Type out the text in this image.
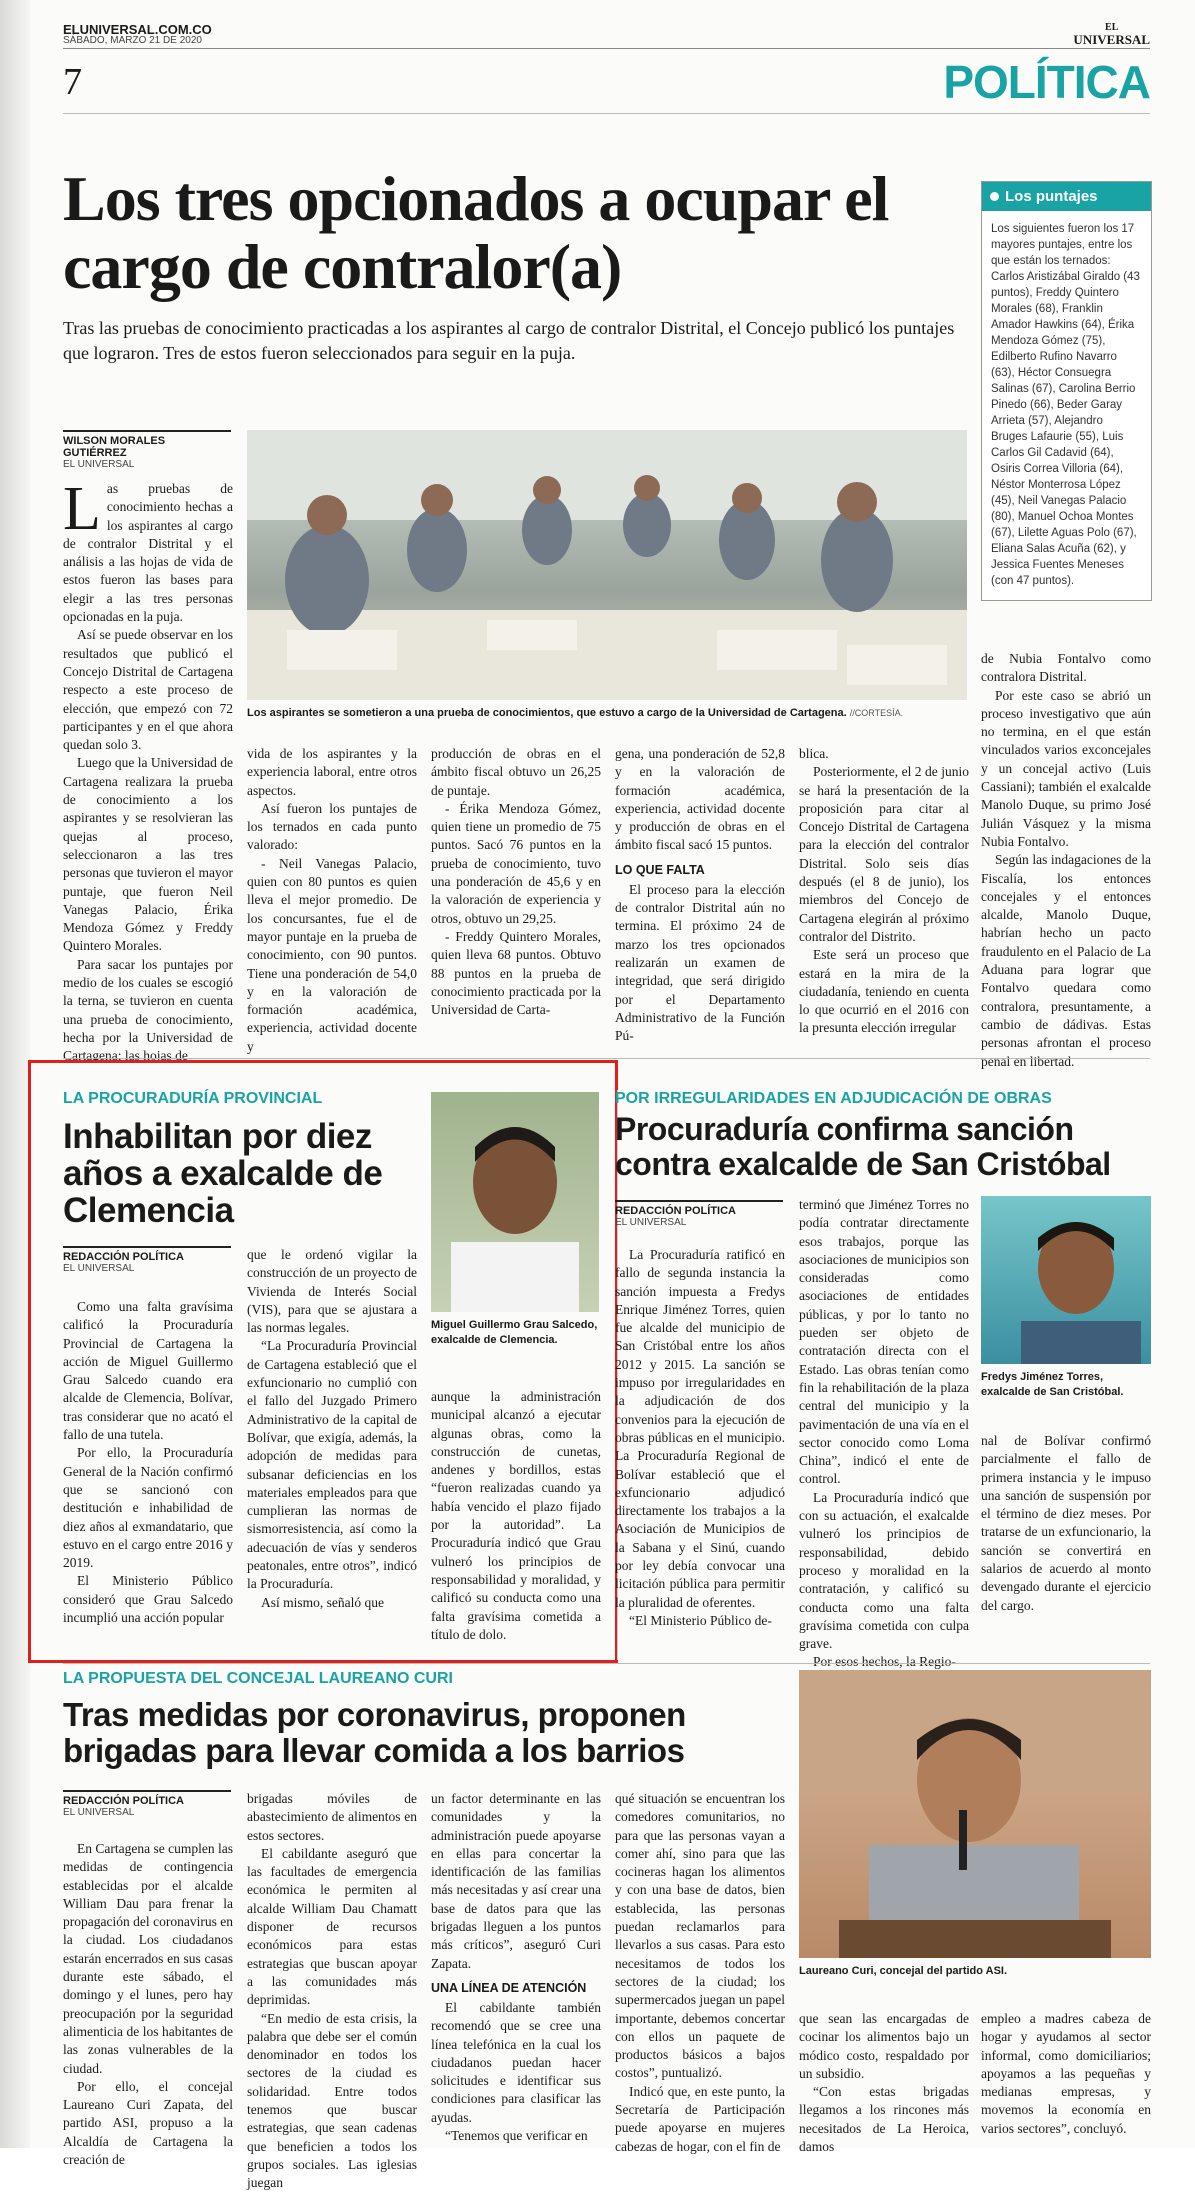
ELUNIVERSAL.COM.CO
SÁBADO, MARZO 21 DE 2020
EL
UNIVERSAL
7	POLÍTICA
Los tres opcionados a ocupar el cargo de contralor(a)
Tras las pruebas de conocimiento practicadas a los aspirantes al cargo de contralor Distrital, el Concejo publicó los puntajes que lograron. Tres de estos fueron seleccionados para seguir en la puja.
Los puntajes
Los siguientes fueron los 17 mayores puntajes, entre los que están los ternados: Carlos Aristizábal Giraldo (43 puntos), Freddy Quintero Morales (68), Franklin Amador Hawkins (64), Érika Mendoza Gómez (75), Edilberto Rufino Navarro (63), Héctor Consuegra Salinas (67), Carolina Berrio Pinedo (66), Beder Garay Arrieta (57), Alejandro Bruges Lafaurie (55), Luis Carlos Gil Cadavid (64), Osiris Correa Villoria (64), Néstor Monterrosa López (45), Neil Vanegas Palacio (80), Manuel Ochoa Montes (67), Lilette Aguas Polo (67), Eliana Salas Acuña (62), y Jessica Fuentes Meneses (con 47 puntos).
WILSON MORALES GUTIÉRREZ
EL UNIVERSAL
Los aspirantes se sometieron a una prueba de conocimientos, que estuvo a cargo de la Universidad de Cartagena. //CORTESÍA.

Las pruebas de conocimiento hechas a los aspirantes al cargo de contralor Distrital y el análisis a las hojas de vida de estos fueron las bases para elegir a las tres personas opcionadas en la puja.

Así se puede observar en los resultados que publicó el Concejo Distrital de Cartagena respecto a este proceso de elección, que empezó con 72 participantes y en el que ahora quedan solo 3.

Luego que la Universidad de Cartagena realizara la prueba de conocimiento a los aspirantes y se resolvieran las quejas al proceso, seleccionaron a las tres personas que tuvieron el mayor puntaje, que fueron Neil Vanegas Palacio, Érika Mendoza Gómez y Freddy Quintero Morales.

Para sacar los puntajes por medio de los cuales se escogió la terna, se tuvieron en cuenta una prueba de conocimiento, hecha por la Universidad de Cartagena; las hojas de

vida de los aspirantes y la experiencia laboral, entre otros aspectos.

Así fueron los puntajes de los ternados en cada punto valorado:

- Neil Vanegas Palacio, quien con 80 puntos es quien lleva el mejor promedio. De los concursantes, fue el de mayor puntaje en la prueba de conocimiento, con 90 puntos. Tiene una ponderación de 54,0 y en la valoración de formación académica, experiencia, actividad docente y

producción de obras en el ámbito fiscal obtuvo un 26,25 de puntaje.

- Érika Mendoza Gómez, quien tiene un promedio de 75 puntos. Sacó 76 puntos en la prueba de conocimiento, tuvo una ponderación de 45,6 y en la valoración de experiencia y otros, obtuvo un 29,25.

- Freddy Quintero Morales, quien lleva 68 puntos. Obtuvo 88 puntos en la prueba de conocimiento practicada por la Universidad de Carta-

gena, una ponderación de 52,8 y en la valoración de formación académica, experiencia, actividad docente y producción de obras en el ámbito fiscal sacó 15 puntos.

LO QUE FALTA

El proceso para la elección de contralor Distrital aún no termina. El próximo 24 de marzo los tres opcionados realizarán un examen de integridad, que será dirigido por el Departamento Administrativo de la Función Pú-

blica.

Posteriormente, el 2 de junio se hará la presentación de la proposición para citar al Concejo Distrital de Cartagena para la elección del contralor Distrital. Solo seis días después (el 8 de junio), los miembros del Concejo de Cartagena elegirán al próximo contralor del Distrito.

Este será un proceso que estará en la mira de la ciudadanía, teniendo en cuenta lo que ocurrió en el 2016 con la presunta elección irregular

de Nubia Fontalvo como contralora Distrital.

Por este caso se abrió un proceso investigativo que aún no termina, en el que están vinculados varios exconcejales y un concejal activo (Luis Cassiani); también el exalcalde Manolo Duque, su primo José Julián Vásquez y la misma Nubia Fontalvo.

Según las indagaciones de la Fiscalía, los entonces concejales y el entonces alcalde, Manolo Duque, habrían hecho un pacto fraudulento en el Palacio de La Aduana para lograr que Fontalvo quedara como contralora, presuntamente, a cambio de dádivas. Estas personas afrontan el proceso penal en libertad.

LA PROCURADURÍA PROVINCIAL
Inhabilitan por diez años a exalcalde de Clemencia
Miguel Guillermo Grau Salcedo, exalcalde de Clemencia.
REDACCIÓN POLÍTICA
EL UNIVERSAL

Como una falta gravísima calificó la Procuraduría Provincial de Cartagena la acción de Miguel Guillermo Grau Salcedo cuando era alcalde de Clemencia, Bolívar, tras considerar que no acató el fallo de una tutela.

Por ello, la Procuraduría General de la Nación confirmó que se sancionó con destitución e inhabilidad de diez años al exmandatario, que estuvo en el cargo entre 2016 y 2019.

El Ministerio Público consideró que Grau Salcedo incumplió una acción popular

que le ordenó vigilar la construcción de un proyecto de Vivienda de Interés Social (VIS), para que se ajustara a las normas legales.

“La Procuraduría Provincial de Cartagena estableció que el exfuncionario no cumplió con el fallo del Juzgado Primero Administrativo de la capital de Bolívar, que exigía, además, la adopción de medidas para subsanar deficiencias en los materiales empleados para que cumplieran las normas de sismorresistencia, así como la adecuación de vías y senderos peatonales, entre otros”, indicó la Procuraduría.

Así mismo, señaló que

aunque la administración municipal alcanzó a ejecutar algunas obras, como la construcción de cunetas, andenes y bordillos, estas “fueron realizadas cuando ya había vencido el plazo fijado por la autoridad”. La Procuraduría indicó que Grau vulneró los principios de responsabilidad y moralidad, y calificó su conducta como una falta gravísima cometida a título de dolo.

POR IRREGULARIDADES EN ADJUDICACIÓN DE OBRAS
Procuraduría confirma sanción contra exalcalde de San Cristóbal
REDACCIÓN POLÍTICA
EL UNIVERSAL
Fredys Jiménez Torres, exalcalde de San Cristóbal.

La Procuraduría ratificó en fallo de segunda instancia la sanción impuesta a Fredys Enrique Jiménez Torres, quien fue alcalde del municipio de San Cristóbal entre los años 2012 y 2015. La sanción se impuso por irregularidades en la adjudicación de dos convenios para la ejecución de obras públicas en el municipio. La Procuraduría Regional de Bolívar estableció que el exfuncionario adjudicó directamente los trabajos a la Asociación de Municipios de la Sabana y el Sinú, cuando por ley debía convocar una licitación pública para permitir la pluralidad de oferentes.

“El Ministerio Público de-

terminó que Jiménez Torres no podía contratar directamente esos trabajos, porque las asociaciones de municipios son consideradas como asociaciones de entidades públicas, y por lo tanto no pueden ser objeto de contratación directa con el Estado. Las obras tenían como fin la rehabilitación de la plaza central del municipio y la pavimentación de una vía en el sector conocido como Loma China”, indicó el ente de control.

La Procuraduría indicó que con su actuación, el exalcalde vulneró los principios de responsabilidad, debido proceso y moralidad en la contratación, y calificó su conducta como una falta gravísima cometida con culpa grave.

Por esos hechos, la Regio-

nal de Bolívar confirmó parcialmente el fallo de primera instancia y le impuso una sanción de suspensión por el término de diez meses. Por tratarse de un exfuncionario, la sanción se convertirá en salarios de acuerdo al monto devengado durante el ejercicio del cargo.

LA PROPUESTA DEL CONCEJAL LAUREANO CURI
Tras medidas por coronavirus, proponen brigadas para llevar comida a los barrios
Laureano Curi, concejal del partido ASI.
REDACCIÓN POLÍTICA
EL UNIVERSAL

En Cartagena se cumplen las medidas de contingencia establecidas por el alcalde William Dau para frenar la propagación del coronavirus en la ciudad. Los ciudadanos estarán encerrados en sus casas durante este sábado, el domingo y el lunes, pero hay preocupación por la seguridad alimenticia de los habitantes de las zonas vulnerables de la ciudad.

Por ello, el concejal Laureano Curi Zapata, del partido ASI, propuso a la Alcaldía de Cartagena la creación de

brigadas móviles de abastecimiento de alimentos en estos sectores.

El cabildante aseguró que las facultades de emergencia económica le permiten al alcalde William Dau Chamatt disponer de recursos económicos para estas estrategias que buscan apoyar a las comunidades más deprimidas.

“En medio de esta crisis, la palabra que debe ser el común denominador en todos los sectores de la ciudad es solidaridad. Entre todos tenemos que buscar estrategias, que sean cadenas que beneficien a todos los grupos sociales. Las iglesias juegan

un factor determinante en las comunidades y la administración puede apoyarse en ellas para concertar la identificación de las familias más necesitadas y así crear una base de datos para que las brigadas lleguen a los puntos más críticos”, aseguró Curi Zapata.

UNA LÍNEA DE ATENCIÓN

El cabildante también recomendó que se cree una línea telefónica en la cual los ciudadanos puedan hacer solicitudes e identificar sus condiciones para clasificar las ayudas.

“Tenemos que verificar en

qué situación se encuentran los comedores comunitarios, no para que las personas vayan a comer ahí, sino para que las cocineras hagan los alimentos y con una base de datos, bien establecida, las personas puedan reclamarlos para llevarlos a sus casas. Para esto necesitamos de todos los sectores de la ciudad; los supermercados juegan un papel importante, debemos concertar con ellos un paquete de productos básicos a bajos costos”, puntualizó.

Indicó que, en este punto, la Secretaría de Participación puede apoyarse en mujeres cabezas de hogar, con el fin de

que sean las encargadas de cocinar los alimentos bajo un módico costo, respaldado por un subsidio.

“Con estas brigadas llegamos a los rincones más necesitados de La Heroica, damos

empleo a madres cabeza de hogar y ayudamos al sector informal, como domiciliarios; apoyamos a las pequeñas y medianas empresas, y movemos la economía en varios sectores”, concluyó.
